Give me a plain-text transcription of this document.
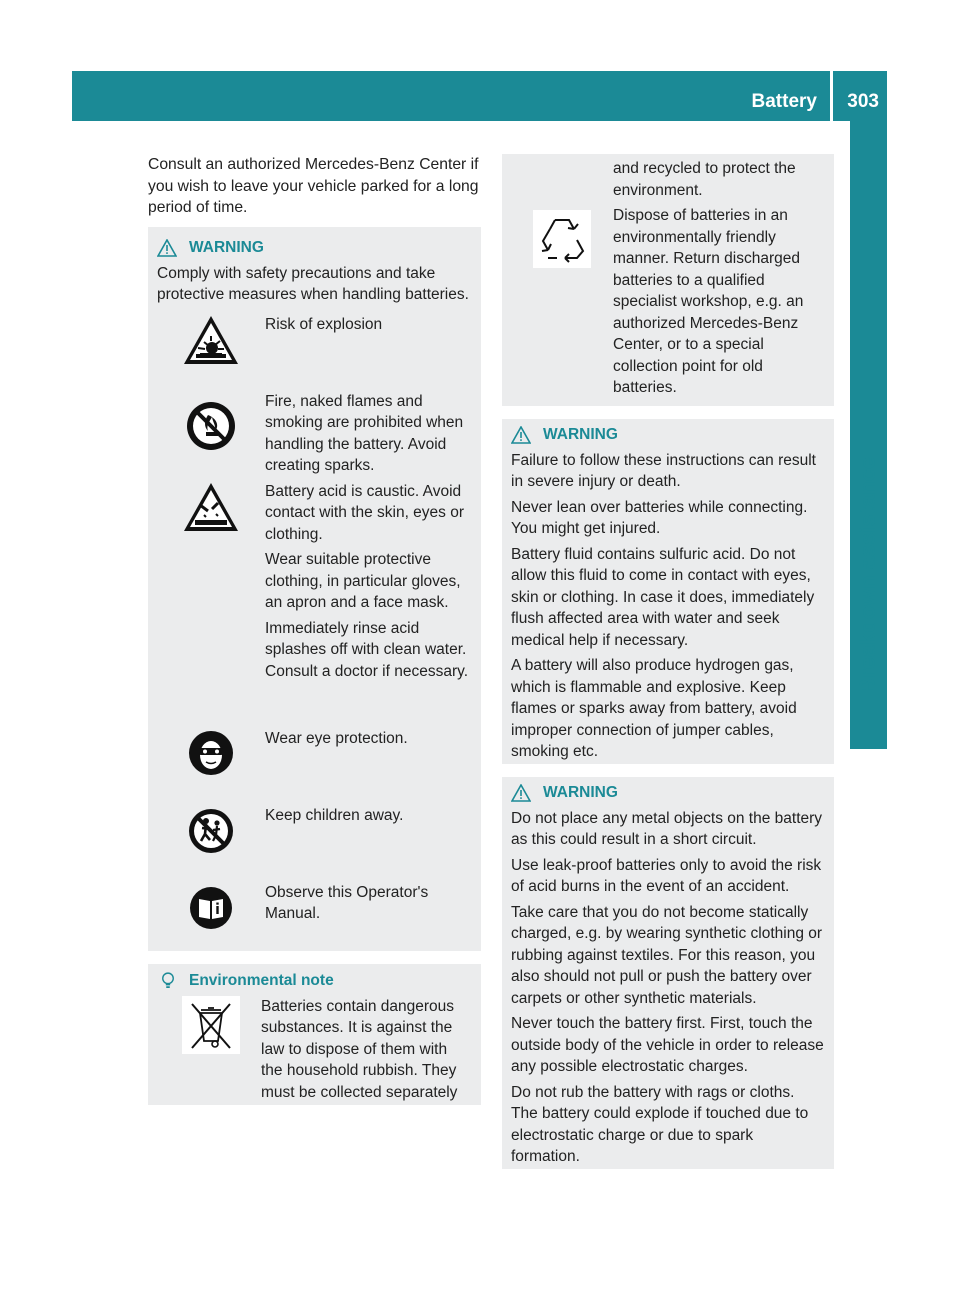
Battery 303
Breakdown assistance
Consult an authorized Mercedes-Benz Center if you wish to leave your vehicle parked for a long period of time.
WARNING

Comply with safety precautions and take protective measures when handling batteries.

Risk of explosion

Fire, naked flames and smoking are prohibited when handling the battery. Avoid creating sparks.

Battery acid is caustic. Avoid contact with the skin, eyes or clothing.

Wear suitable protective clothing, in particular gloves, an apron and a face mask.

Immediately rinse acid splashes off with clean water. Consult a doctor if necessary.

Wear eye protection.

Keep children away.

Observe this Operator's Manual.

Environmental note

Batteries contain dangerous substances. It is against the law to dispose of them with the household rubbish. They must be collected separately

and recycled to protect the environment.

Dispose of batteries in an environmentally friendly manner. Return discharged batteries to a qualified specialist workshop, e.g. an authorized Mercedes-Benz Center, or to a special collection point for old batteries.

WARNING

Failure to follow these instructions can result in severe injury or death.

Never lean over batteries while connecting. You might get injured.

Battery fluid contains sulfuric acid. Do not allow this fluid to come in contact with eyes, skin or clothing. In case it does, immediately flush affected area with water and seek medical help if necessary.

A battery will also produce hydrogen gas, which is flammable and explosive. Keep flames or sparks away from battery, avoid improper connection of jumper cables, smoking etc.

WARNING

Do not place any metal objects on the battery as this could result in a short circuit.

Use leak-proof batteries only to avoid the risk of acid burns in the event of an accident.

Take care that you do not become statically charged, e.g. by wearing synthetic clothing or rubbing against textiles. For this reason, you also should not pull or push the battery over carpets or other synthetic materials.

Never touch the battery first. First, touch the outside body of the vehicle in order to release any possible electrostatic charges.

Do not rub the battery with rags or cloths. The battery could explode if touched due to electrostatic charge or due to spark formation.
